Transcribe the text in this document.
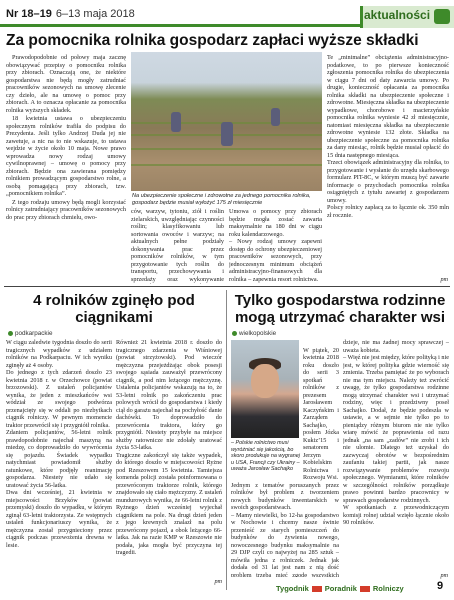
Nr 18–19 6–13 maja 2018	aktualności
Za pomocnika rolnika gospodarz zapłaci wyższe składki

Prawodopodobnie od połowy maja zacznę obowiązywać przepisy o pomocniku rolnika przy zbiorach. Oznaczają one, że niektóre gospodarstwa nie będą mogły zatrudniać pracowników sezonowych na umowę zlecenie czy dzieło, ale na umowę o pomoc przy zbiorach. A to oznacza opłacanie za pomocnika rolnika wyższych składek.

18 kwietnia ustawa o ubezpieczeniu społecznym rolników trafiła do podpisu do Prezydenta. Jeśli tylko Andrzej Duda jej nie zawetuje, a nic na to nie wskazuje, to ustawa wejdzie w życie około 10 maja. Nowe prawo wprowadza nowy rodzaj umowy cywilnoprawnej – umowę o pomocy przy zbiorach. Będzie ona zawierana pomiędzy rolnikiem prowadzącym gospodarstwo rolne, a osobą pomagającą przy zbiorach, tzw. „pomocnikiem rolnika”.

Z tego rodzaju umowy będą mogli korzystać rolnicy zatrudniający pracowników sezonowych do prac przy zbiorach chmielu, owo-

Na ubezpieczenie społeczne i zdrowotne za jednego pomocnika rolnika, gospodarz będzie musiał wyłożyć 175 zł miesięcznie
ców, warzyw, tytoniu, ziół i roślin zielarskich, uwzględniając czynności roślin; klasyfikowaniu lub sortowania owoców i warzyw; na aktualnych pełne podziały dokonywania prac przez pomocników rolników, w tym przygotowanie tych roślin do transportu, przechowywania i sprzedaży oraz wykonywanie
Umowa o pomocy przy zbiorach będzie mogła zostać zawarta maksymalnie na 180 dni w ciągu roku kalendarzowego.
– Nowy rodzaj umowy zapewni dostęp do ochrony ubezpieczeniowej pracowników sezonowych, przy jednoczesnym minimum obciążeń administracyjno-finansowych dla rolnika – zapewnia resort rolnictwa.
Te „minimalne” obciążenia administracyjno-podatkowe, to po pierwsze konieczność zgłoszenia pomocnika rolnika do ubezpieczenia w ciągu 7 dni od daty zawarcia umowy. Po drugie, konieczność opłacania za pomocnika rolnika składki na ubezpieczenie społeczne i zdrowotne. Miesięczna składka na ubezpieczenie wypadkowe, chorobowe i macierzyńskie pomocnika rolnika wyniesie 42 zł miesięcznie, natomiast miesięczna składka na ubezpieczenie zdrowotne wyniesie 132 złote. Składka na ubezpieczenie społeczne za pomocnika rolnika za dany miesiąc, rolnik będzie musiał opłacić do 15 dnia następnego miesiąca.
Trzeci obowiązek administracyjny dla rolnika, to przygotowanie i wysłanie do urzędu skarbowego formularz PIT-8C, w którym muszą być zawarte informacje o przychodach pomocnika rolnika osiągniętych z tytułu zawartej z gospodarzem umowy.
Polscy rolnicy zapłacą za to łącznie ok. 350 mln zł rocznie.
pm
4 rolników zginęło pod ciągnikami
podkarpackie
W ciągu zaledwie tygodnia doszło do serii tragicznych wypadków z udziałem rolników na Podkarpaciu. W ich wyniku zginęły aż 4 osoby.
Do jednego z tych zdarzeń doszło 23 kwietnia 2018 r. w Orzechowce (powiat brzozowski). Z ustaleń policjantów wynika, że jeden z mieszkańców wsi wódział ze swojego podwórza przenajcięty się w oddali po niezbytkach ciągnik rolniczy. W pewnym momencie traktor przewrócił się i przygniótł rolnika.
Zdaniem policjantów, 56-letni rolnik prawdopodobnie najechał maszyną na miedzę, co doprowadziło do wywrócenia się pojazdu. Świadek wypadku natychmiast powiadomił służby ratunkowe, które podjęły reanimację gospodarza. Niestety nie udało się uratować życia 56-latka.
Dwa dni wcześniej, 21 kwietnia w miejscowości Brzyków (powiat przemyski) doszło do wypadku, w którym zginął 63-letni traktorzysta. Ze wstępnych ustaleń funkcjonariuszy wynika, że mężczyzna został przygnieciony przez ciągnik podczas przewożenia drewna w lesie.
Również 21 kwietnia 2018 r. doszło do tragicznego zdarzenia w Wiśniowej (powiat strzyżowski). Pod wieczór mężczyzna przejeżdżając obok posesji swojego sąsiada zauważył przewrócony ciągnik, a pod nim leżącego mężczyznę. Ustalenia policjantów wskazują na to, że 53-letni rolnik po zakończeniu prac polowych wrócił do gospodarstwa i kiedy ciął do garażu najechał na pochyłość danie dachówki. To doprowadziło do przewrócenia traktora, który go przygniótł. Niestety przybyłe na miejsce służby ratownicze nie zdołały uratować życia 53-latka.
Tragiczne zakończył się także wypadek, do którego doszło w miejscowości Ryżne pod Rzeszowem 15 kwietnia. Tamtejsza komenda policji została poinformowana o przewróconym traktorze rolnik, którego znajdowało się ciało mężczyzny. Z ustaleń mundurowych wynika, że 66-letni rolnik z Ryżnego dzień wcześniej wyjechał ciągnikiem na pole. Na drugi dzień jeden z jego krewnych znalazł na polu przewrócony pojazd, a obok leżącego 66-latka. Jak na razie KMP w Rzeszowie nie podała, jaka mogła być przyczyna tej tragedii.
pm
Tylko gospodarstwa rodzinne mogą utrzymać charakter wsi
wielkopolskie
– Polskie rolnictwo musi wyróżniać się jakością, bo skoro produkuje na wygranej u USA, Francji czy Ukrainy – uważa Jarosław Sachajko

W piątek, 20 kwietnia 2018 roku doszło do serii 3 spotkań rolników z prezesem Jarosławem Kaczyńskim i Zarządem Sachajko, posłem Józka Kukiz’15 i senatorem Jerzym Kobielskim Rolnictwa i Rozwoju Wsi.
Jednym z tematów poruszanych przez rolników był problem z tworzeniem nowych budynków inwentarskich w swoich gospodarstwach.
– Mamy niewielki, bo 12-ha gospodarstwo w Nochowie i chcemy nasze świnie przenieść ze starych pomieszczeń do budynków do żywienia nowego, nowoczesnego budynku maksymalnie na 29 DJP czyli co najwyżej na 285 sztuk – mówiła jedna z rolniczek. Jednak jak dodała od 31 lat jest nam z nią dość problem trzeba mieć zgodę wszystkich

dzieje, nie ma żadnej mocy sprawczej – uważa kobieta.
– Więź nie jest między, które polityką i nie jest, w której polityka gdzie wierność się zmienia. Trzeba pamiętać że po wyborach nie ma tym miejscu. Należy też zwrócić uwagę, że tylko gospodarstwa rodzinne mogą utrzymać charakter wsi i utrzymać rodziny, więc i przedziwny poseł Sachajko. Dodał, że będzie podeszła w ustawie, a w sejmie nie tylko po to pieniądzy różnym biurom nie nie tylko wiarę mówić że poprawienia od razu jednak „na sam „zadów” nie zrobi i ich nie ulomie. Dlatego też uzyskał do zazwyczaj obrotów w bezpośrednim zaufaniu takiej partii, jak nasze rozwiązywanie problemów rozwoju społecznego. Wymiarami, które rolników w szczególności rolników porządkuje prawo powinni bardzo pracownicy w sprawach gospodarstw rodzinnych.
W spotkaniach z przewodniczącym komisji rolnej udział wzięło łącznie około 90 rolników.
pm
Tygodnik Poradnik Rolniczy	9
